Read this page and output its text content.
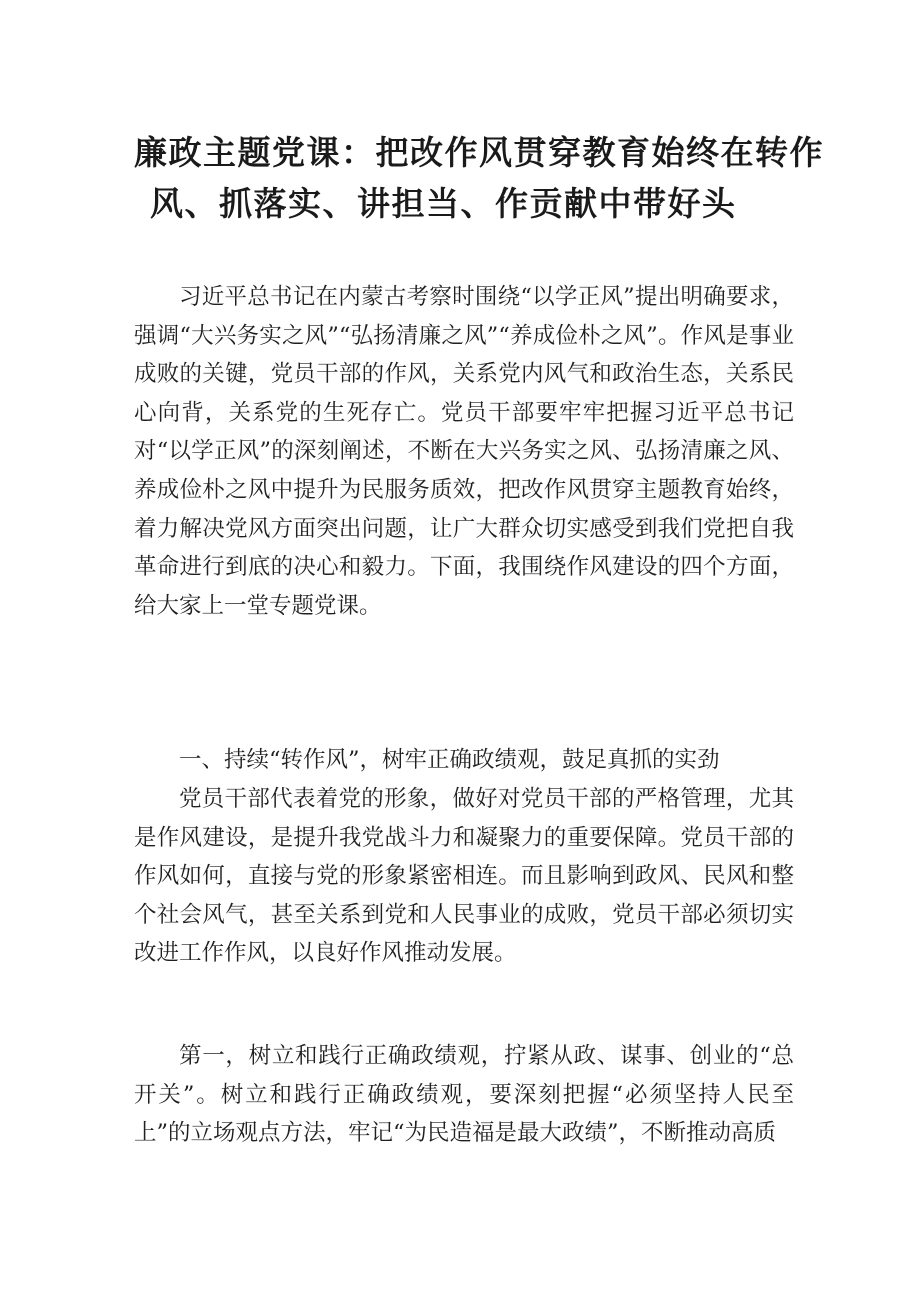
廉政主题党课：把改作风贯穿教育始终在转作
风、抓落实、讲担当、作贡献中带好头

习近平总书记在内蒙古考察时围绕“以学正风”提出明确要求，强调“大兴务实之风”“弘扬清廉之风”“养成俭朴之风”。作风是事业成败的关键，党员干部的作风，关系党内风气和政治生态，关系民心向背，关系党的生死存亡。党员干部要牢牢把握习近平总书记对“以学正风”的深刻阐述，不断在大兴务实之风、弘扬清廉之风、养成俭朴之风中提升为民服务质效，把改作风贯穿主题教育始终，着力解决党风方面突出问题，让广大群众切实感受到我们党把自我革命进行到底的决心和毅力。下面，我围绕作风建设的四个方面，给大家上一堂专题党课。

一、持续“转作风”，树牢正确政绩观，鼓足真抓的实劲

党员干部代表着党的形象，做好对党员干部的严格管理，尤其是作风建设，是提升我党战斗力和凝聚力的重要保障。党员干部的作风如何，直接与党的形象紧密相连。而且影响到政风、民风和整个社会风气，甚至关系到党和人民事业的成败，党员干部必须切实改进工作作风，以良好作风推动发展。

第一，树立和践行正确政绩观，拧紧从政、谋事、创业的“总开关”。树立和践行正确政绩观，要深刻把握“必须坚持人民至上”的立场观点方法，牢记“为民造福是最大政绩”，不断推动高质
